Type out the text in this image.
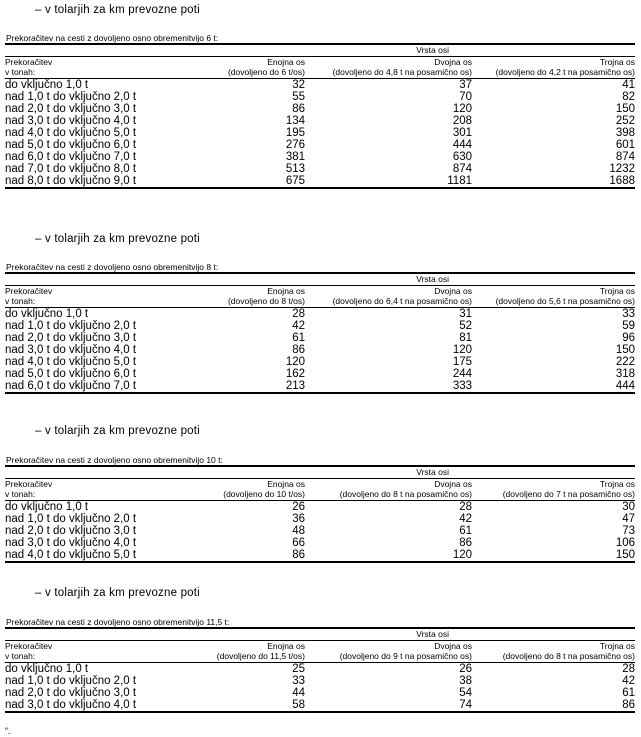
– v tolarjih za km prevozne poti
Prekoračitev na cesti z dovoljeno osno obremenitvijo 6 t:
Vrsta osi
Prekoračitev
v tonah:
Enojna os
(dovoljeno do 6 t/os)
Dvojna os
(dovoljeno do 4,8 t na posamično os)
Trojna os
(dovoljeno do 4,2 t na posamično os)
do vključno 1,0 t	32	37	41
nad 1,0 t do vključno 2,0 t	55	70	82
nad 2,0 t do vključno 3,0 t	86	120	150
nad 3,0 t do vključno 4,0 t	134	208	252
nad 4,0 t do vključno 5,0 t	195	301	398
nad 5,0 t do vključno 6,0 t	276	444	601
nad 6,0 t do vključno 7,0 t	381	630	874
nad 7,0 t do vključno 8,0 t	513	874	1232
nad 8,0 t do vključno 9,0 t	675	1181	1688
– v tolarjih za km prevozne poti
Prekoračitev na cesti z dovoljeno osno obremenitvijo 8 t:
Vrsta osi
Prekoračitev
v tonah:
Enojna os
(dovoljeno do 8 t/os)
Dvojna os
(dovoljeno do 6,4 t na posamično os)
Trojna os
(dovoljeno do 5,6 t na posamično os)
do vključno 1,0 t	28	31	33
nad 1,0 t do vključno 2,0 t	42	52	59
nad 2,0 t do vključno 3,0 t	61	81	96
nad 3,0 t do vključno 4,0 t	86	120	150
nad 4,0 t do vključno 5,0 t	120	175	222
nad 5,0 t do vključno 6,0 t	162	244	318
nad 6,0 t do vključno 7,0 t	213	333	444
– v tolarjih za km prevozne poti
Prekoračitev na cesti z dovoljeno osno obremenitvijo 10 t:
Vrsta osi
Prekoračitev
v tonah:
Enojna os
(dovoljeno do 10 t/os)
Dvojna os
(dovoljeno do 8 t na posamično os)
Trojna os
(dovoljeno do 7 t na posamično os)
do vključno 1,0 t	26	28	30
nad 1,0 t do vključno 2,0 t	36	42	47
nad 2,0 t do vključno 3,0 t	48	61	73
nad 3,0 t do vključno 4,0 t	66	86	106
nad 4,0 t do vključno 5,0 t	86	120	150
– v tolarjih za km prevozne poti
Prekoračitev na cesti z dovoljeno osno obremenitvijo 11,5 t:
Vrsta osi
Prekoračitev
v tonah:
Enojna os
(dovoljeno do 11,5 t/os)
Dvojna os
(dovoljeno do 9 t na posamično os)
Trojna os
(dovoljeno do 8 t na posamično os)
do vključno 1,0 t	25	26	28
nad 1,0 t do vključno 2,0 t	33	38	42
nad 2,0 t do vključno 3,0 t	44	54	61
nad 3,0 t do vključno 4,0 t	58	74	86
“.
